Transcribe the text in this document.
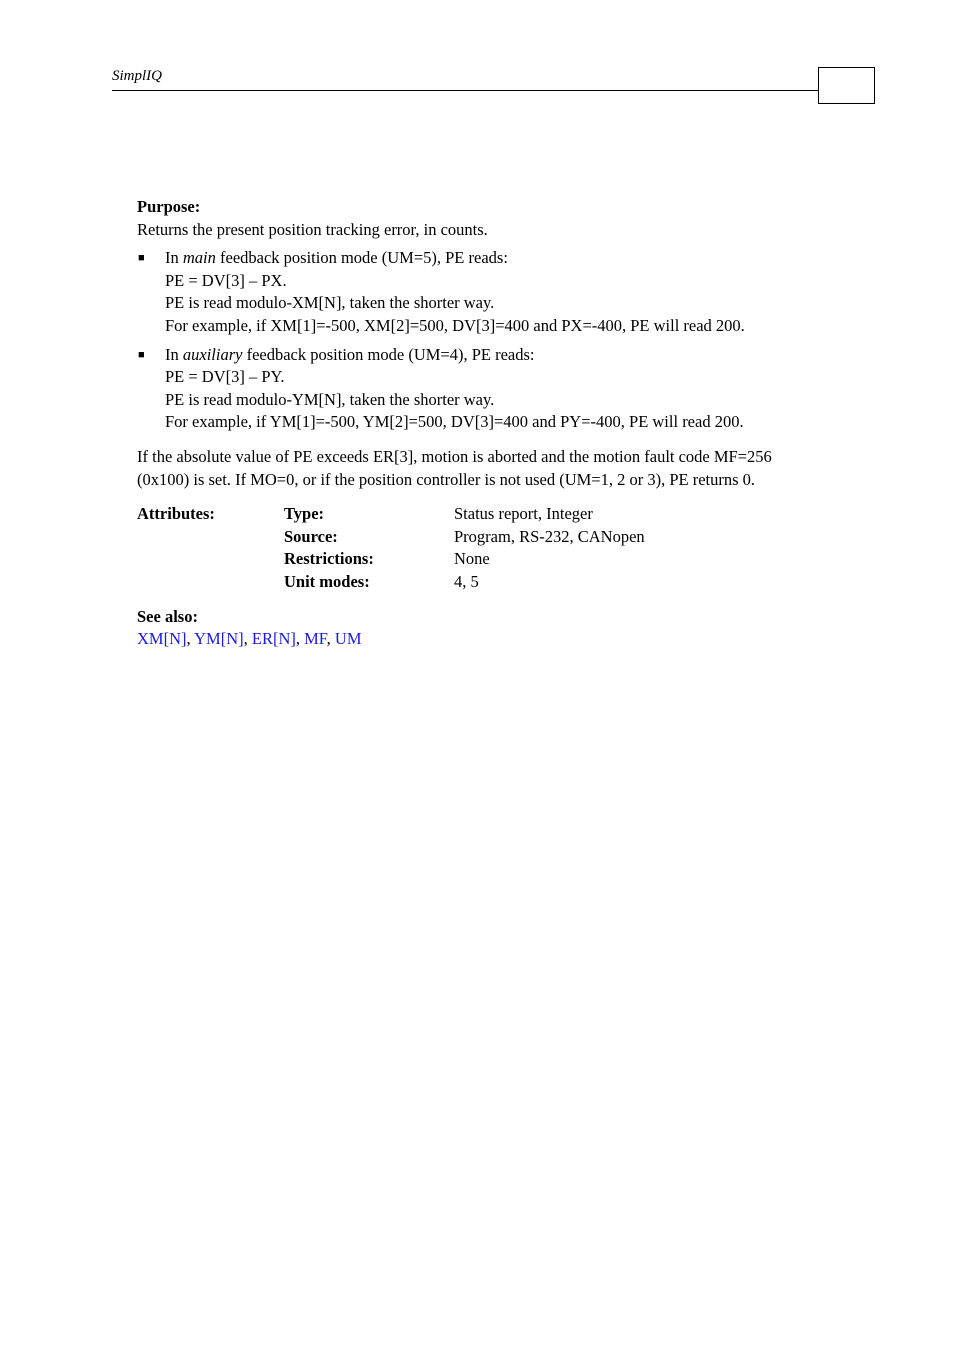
SimplIQ

Purpose:

Returns the present position tracking error, in counts.

■ In main feedback position mode (UM=5), PE reads:
PE = DV[3] – PX.
PE is read modulo-XM[N], taken the shorter way.
For example, if XM[1]=-500, XM[2]=500, DV[3]=400 and PX=-400, PE will read 200.
■ In auxiliary feedback position mode (UM=4), PE reads:
PE = DV[3] – PY.
PE is read modulo-YM[N], taken the shorter way.
For example, if YM[1]=-500, YM[2]=500, DV[3]=400 and PY=-400, PE will read 200.

If the absolute value of PE exceeds ER[3], motion is aborted and the motion fault code MF=256 (0x100) is set. If MO=0, or if the position controller is not used (UM=1, 2 or 3), PE returns 0.

Attributes:	Type:	Status report, Integer
Source:	Program, RS-232, CANopen
Restrictions:	None
Unit modes:	4, 5

See also:

XM[N], YM[N], ER[N], MF, UM
